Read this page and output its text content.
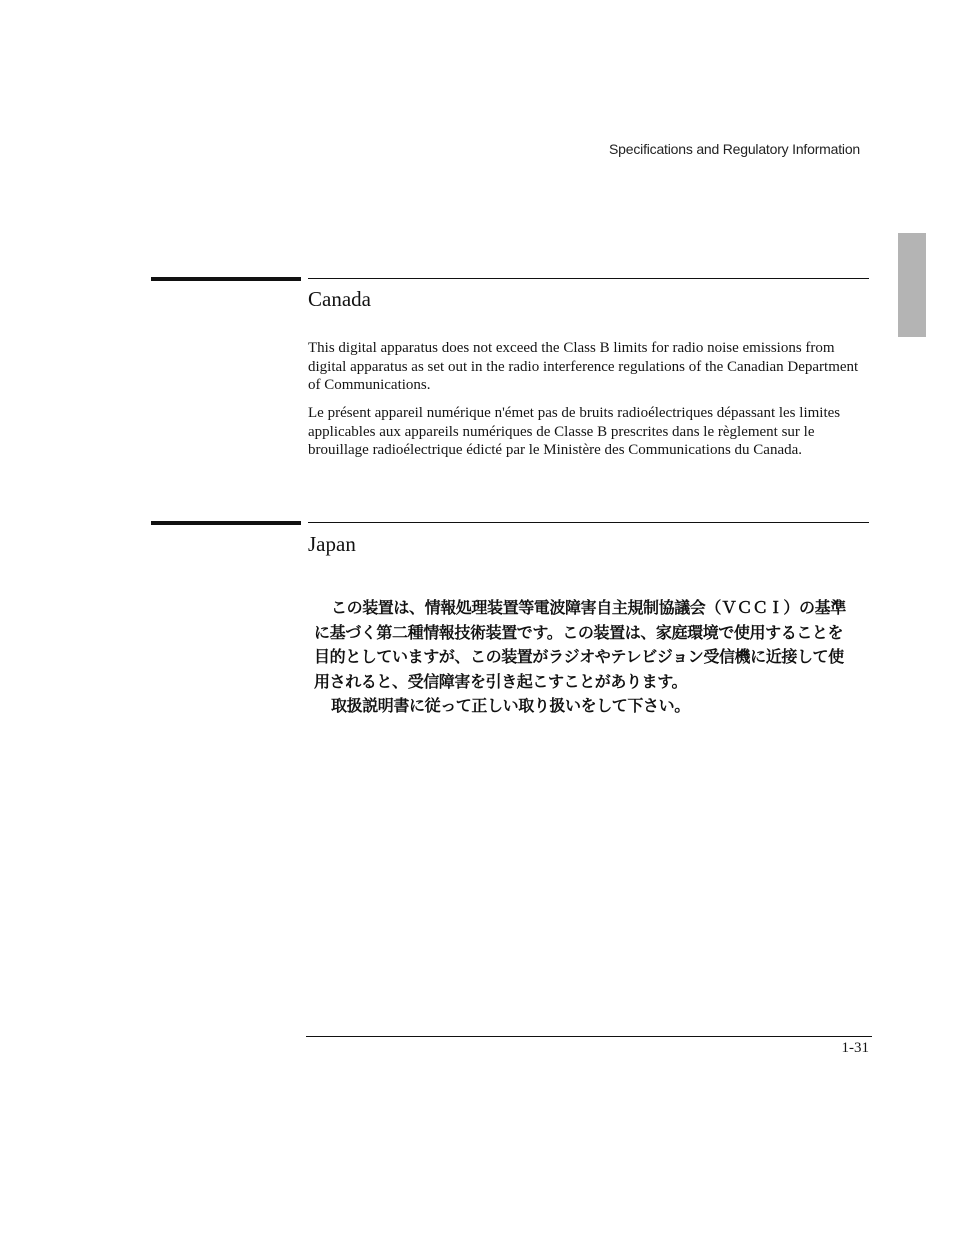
Specifications and Regulatory Information
Canada

This digital apparatus does not exceed the Class B limits for radio noise emissions from digital apparatus as set out in the radio interference regulations of the Canadian Department of Communications.

Le présent appareil numérique n'émet pas de bruits radioélectriques dépassant les limites applicables aux appareils numériques de Classe B prescrites dans le règlement sur le brouillage radioélectrique édicté par le Ministère des Communications du Canada.

Japan
この装置は、情報処理装置等電波障害自主規制協議会（ＶＣＣＩ）の基準
に基づく第二種情報技術装置です。この装置は、家庭環境で使用することを
目的としていますが、この装置がラジオやテレビジョン受信機に近接して使
用されると、受信障害を引き起こすことがあります。
取扱説明書に従って正しい取り扱いをして下さい。
1-31
